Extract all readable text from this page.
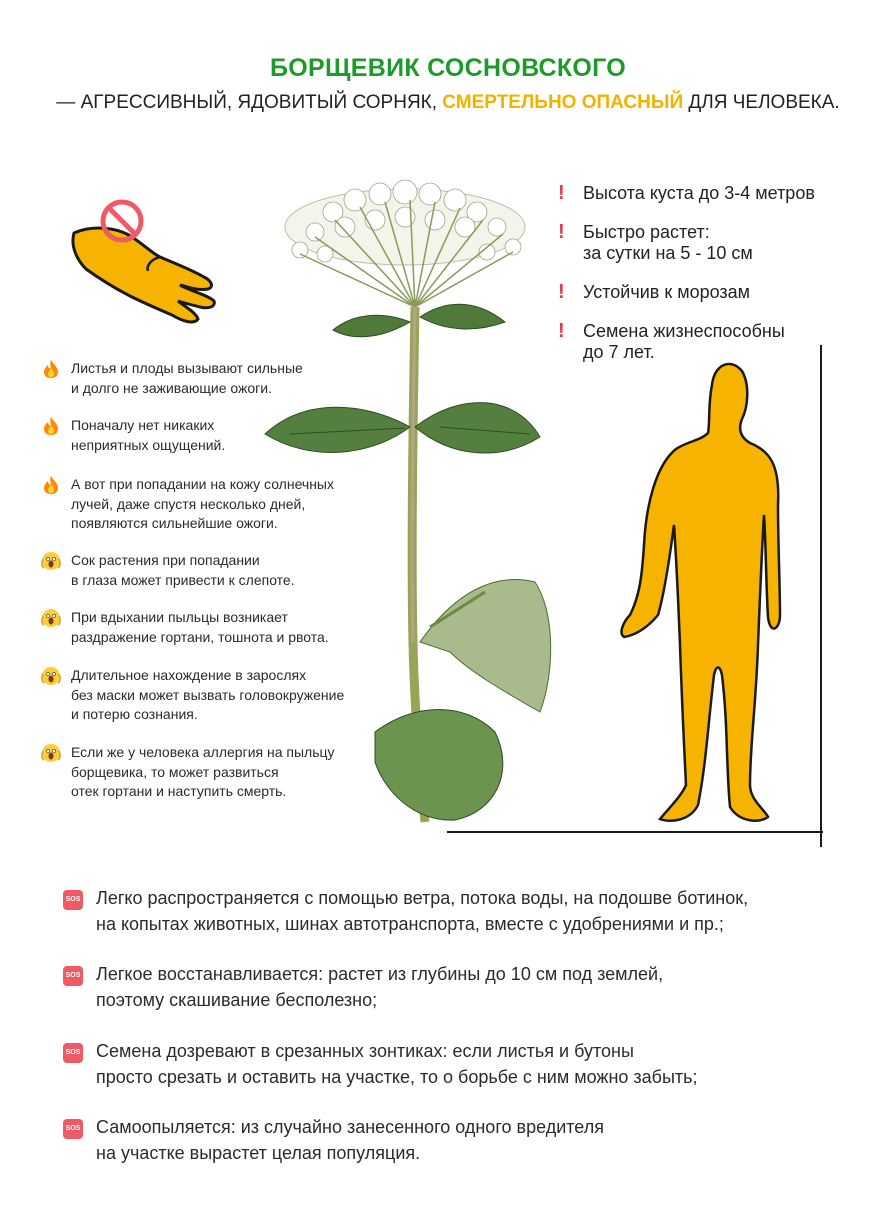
БОРЩЕВИК СОСНОВСКОГО
— АГРЕССИВНЫЙ, ЯДОВИТЫЙ СОРНЯК, СМЕРТЕЛЬНО ОПАСНЫЙ ДЛЯ ЧЕЛОВЕКА.
! Высота куста до 3-4 метров
! Быстро растет:
за сутки на 5 - 10 см
! Устойчив к морозам
! Семена жизнеспособны
до 7 лет.
Листья и плоды вызывают сильные
и долго не заживающие ожоги.
Поначалу нет никаких
неприятных ощущений.
А вот при попадании на кожу солнечных
лучей, даже спустя несколько дней,
появляются сильнейшие ожоги.
Сок растения при попадании
в глаза может привести к слепоте.
При вдыхании пыльцы возникает
раздражение гортани, тошнота и рвота.
Длительное нахождение в зарослях
без маски может вызвать головокружение
и потерю сознания.
Если же у человека аллергия на пыльцу
борщевика, то может развиться
отек гортани и наступить смерть.
SOS Легко распространяется с помощью ветра, потока воды, на подошве ботинок,
на копытах животных, шинах автотранспорта, вместе с удобрениями и пр.;
SOS Легкое восстанавливается: растет из глубины до 10 см под землей,
поэтому скашивание бесполезно;
SOS Семена дозревают в срезанных зонтиках: если листья и бутоны
просто срезать и оставить на участке, то о борьбе с ним можно забыть;
SOS Самоопыляется: из случайно занесенного одного вредителя
на участке вырастет целая популяция.
